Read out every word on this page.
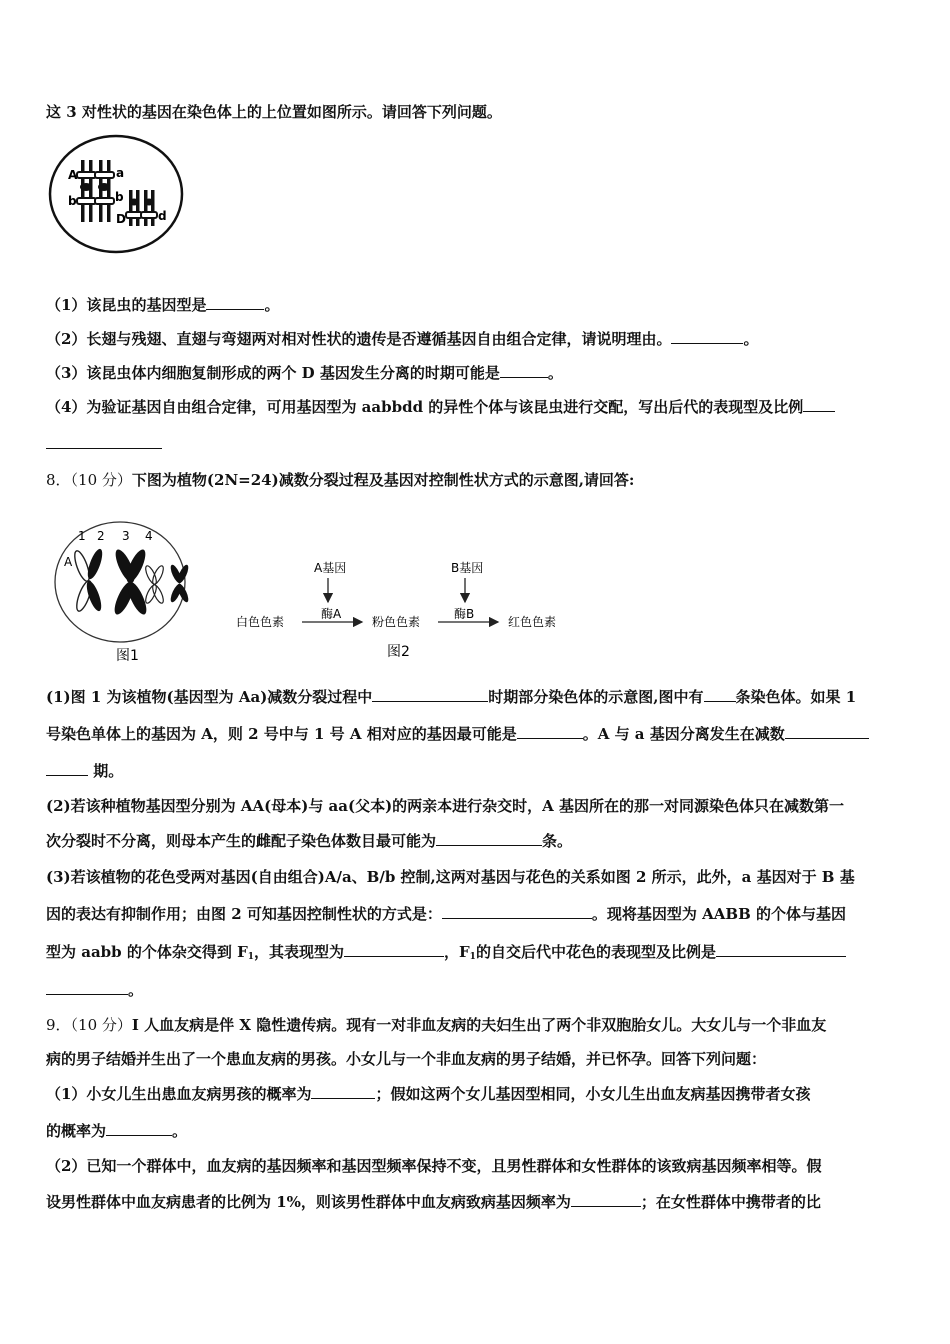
这 3 对性状的基因在染色体上的上位置如图所示。请回答下列问题。
A	a
b	b
D	d
（1）该昆虫的基因型是	。
（2）长翅与残翅、直翅与弯翅两对相对性状的遗传是否遵循基因自由组合定律，请说明理由。	。
（3）该昆虫体内细胞复制形成的两个 D 基因发生分离的时期可能是	。
（4）为验证基因自由组合定律，可用基因型为 aabbdd 的异性个体与该昆虫进行交配，写出后代的表现型及比例
8．（10 分）下图为植物(2N=24)减数分裂过程及基因对控制性状方式的示意图,请回答:
1 2 3 4
A
图1
A基因	B基因
酶A	酶B
白色色素	粉色色素	红色色素
图2
(1)图 1 为该植物(基因型为 Aa)减数分裂过程中	时期部分染色体的示意图,图中有 条染色体。如果 1
号染色单体上的基因为 A，则 2 号中与 1 号 A 相对应的基因最可能是	。A 与 a 基因分离发生在减数
期。
(2)若该种植物基因型分别为 AA(母本)与 aa(父本)的两亲本进行杂交时，A 基因所在的那一对同源染色体只在减数第一
次分裂时不分离，则母本产生的雌配子染色体数目最可能为	条。
(3)若该植物的花色受两对基因(自由组合)A/a、B/b 控制,这两对基因与花色的关系如图 2 所示，此外，a 基因对于 B 基
因的表达有抑制作用；由图 2 可知基因控制性状的方式是：	。现将基因型为 AABB 的个体与基因
型为 aabb 的个体杂交得到 $F_1$，其表现型为	，$F_1$的自交后代中花色的表现型及比例是
。
9．（10 分）I 人血友病是伴 X 隐性遗传病。现有一对非血友病的夫妇生出了两个非双胞胎女儿。大女儿与一个非血友
病的男子结婚并生出了一个患血友病的男孩。小女儿与一个非血友病的男子结婚，并已怀孕。回答下列问题：
（1）小女儿生出患血友病男孩的概率为	；假如这两个女儿基因型相同，小女儿生出血友病基因携带者女孩
的概率为	。
（2）已知一个群体中，血友病的基因频率和基因型频率保持不变，且男性群体和女性群体的该致病基因频率相等。假
设男性群体中血友病患者的比例为 1%，则该男性群体中血友病致病基因频率为	；在女性群体中携带者的比
